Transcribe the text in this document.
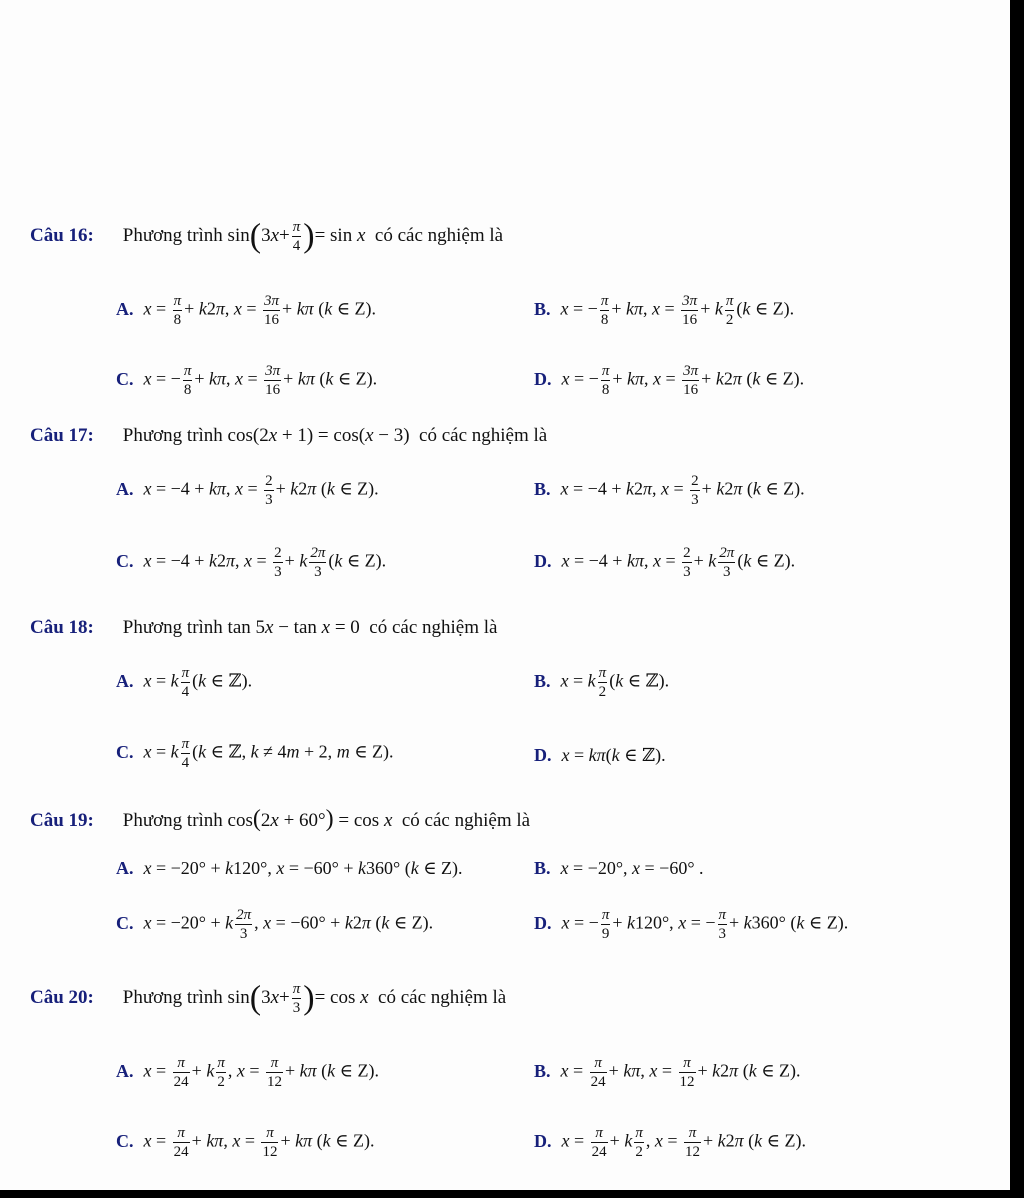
Câu 16: Phương trình $\sin(3x+ \frac{\pi}{4}$ )= sin x  có các nghiệm là
A. $x = \frac{\pi}{8} + k2\pi$, $x = \frac{3\pi}{16} + k\pi$ (k ∈ Z).	B. x = − $\frac{\pi}{8} + k\pi$, $x = \frac{3\pi}{16} + k \frac{\pi}{2} (k$ ∈ Z).
C. x = − $\frac{\pi}{8} + k\pi$, $x = \frac{3\pi}{16} + k\pi$ (k ∈ Z).	D. x = − $\frac{\pi}{8} + k\pi$, $x = \frac{3\pi}{16} + k2\pi$ (k ∈ Z).
Câu 17: Phương trình cos(2x + 1) = cos(x − 3)  có các nghiệm là
A. x = −4 + kπ, $x = \frac{2}{3} + k2\pi$ (k ∈ Z).	B. x = −4 + k2π, $x = \frac{2}{3} + k2\pi$ (k ∈ Z).
C. x = −4 + k2π, $x = \frac{2}{3} + k \frac{2\pi}{3} (k$ ∈ Z).	D. x = −4 + kπ, $x = \frac{2}{3} + k \frac{2\pi}{3} (k$ ∈ Z).
Câu 18: Phương trình tan 5x − tan x = 0  có các nghiệm là
A. x = k $\frac{\pi}{4} (k$ ∈ ℤ).	B. x = k $\frac{\pi}{2} (k$ ∈ ℤ).
C. x = k $\frac{\pi}{4} (k$ ∈ ℤ, k ≠ 4m + 2, m ∈ Z).	D. x = kπ(k ∈ ℤ).
Câu 19: Phương trình cos(2x + 60°) = cos x  có các nghiệm là
A. x = −20° + k120°, x = −60° + k360° (k ∈ Z).	B. x = −20°, x = −60° .
C. x = −20° + k $\frac{2\pi}{3}$ , x = −60° + k2π (k ∈ Z).	D. x = − $\frac{\pi}{9} + k120^\circ$, x = − $\frac{\pi}{3} + k360^\circ$ (k ∈ Z).
Câu 20: Phương trình $\sin(3x+ \frac{\pi}{3}$ )= cos x  có các nghiệm là
A. $x = \frac{\pi}{24} + k \frac{\pi}{2}$ , $x = \frac{\pi}{12} + k\pi$ (k ∈ Z).	B. $x = \frac{\pi}{24} + k\pi$, $x = \frac{\pi}{12} + k2\pi$ (k ∈ Z).
C. $x = \frac{\pi}{24} + k\pi$, $x = \frac{\pi}{12} + k\pi$ (k ∈ Z).	D. $x = \frac{\pi}{24} + k \frac{\pi}{2}$ , $x = \frac{\pi}{12} + k2\pi$ (k ∈ Z).
